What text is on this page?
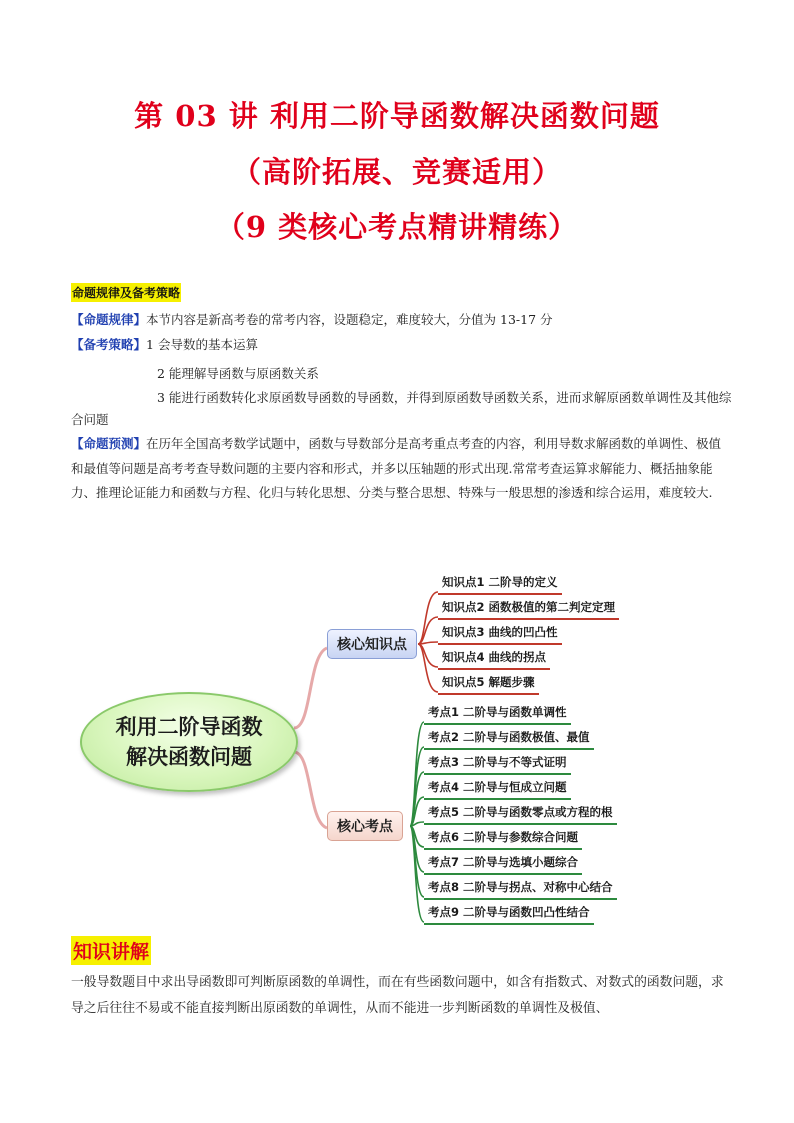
第 03 讲 利用二阶导函数解决函数问题
（高阶拓展、竞赛适用）
（9 类核心考点精讲精练）
命题规律及备考策略
【命题规律】本节内容是新高考卷的常考内容，设题稳定，难度较大，分值为 13-17 分
【备考策略】1 会导数的基本运算
2 能理解导函数与原函数关系
3 能进行函数转化求原函数导函数的导函数，并得到原函数导函数关系，进而求解原函数单调性及其他综合问题
【命题预测】在历年全国高考数学试题中，函数与导数部分是高考重点考查的内容，利用导数求解函数的单调性、极值和最值等问题是高考考查导数问题的主要内容和形式，并多以压轴题的形式出现.常常考查运算求解能力、概括抽象能力、推理论证能力和函数与方程、化归与转化思想、分类与整合思想、特殊与一般思想的渗透和综合运用，难度较大.
利用二阶导函数
解决函数问题
核心知识点
核心考点
知识点1 二阶导的定义
知识点2 函数极值的第二判定定理
知识点3 曲线的凹凸性
知识点4 曲线的拐点
知识点5 解题步骤
考点1 二阶导与函数单调性
考点2 二阶导与函数极值、最值
考点3 二阶导与不等式证明
考点4 二阶导与恒成立问题
考点5 二阶导与函数零点或方程的根
考点6 二阶导与参数综合问题
考点7 二阶导与选填小题综合
考点8 二阶导与拐点、对称中心结合
考点9 二阶导与函数凹凸性结合
知识讲解
一般导数题目中求出导函数即可判断原函数的单调性，而在有些函数问题中，如含有指数式、对数式的函数问题，求导之后往往不易或不能直接判断出原函数的单调性，从而不能进一步判断函数的单调性及极值、
